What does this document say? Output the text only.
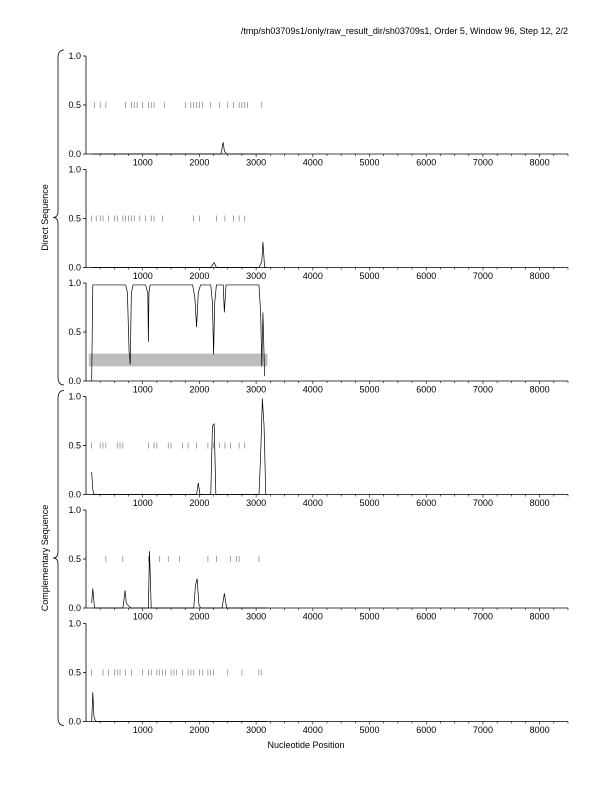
/tmp/sh03709s1/only/raw_result_dir/sh03709s1, Order 5, Window 96, Step 12, 2/2
0.0
0.5
1.0
1000	2000	3000	4000	5000	6000	7000	8000
0.0
0.5
1.0
1000	2000	3000	4000	5000	6000	7000	8000
0.0
0.5
1.0
1000	2000	3000	4000	5000	6000	7000	8000
0.0
0.5
1.0
1000	2000	3000	4000	5000	6000	7000	8000
0.0
0.5
1.0
1000	2000	3000	4000	5000	6000	7000	8000
0.0
0.5
1.0
1000	2000	3000	4000	5000	6000	7000	8000
Direct Sequence
Complementary Sequence
Nucleotide Position
